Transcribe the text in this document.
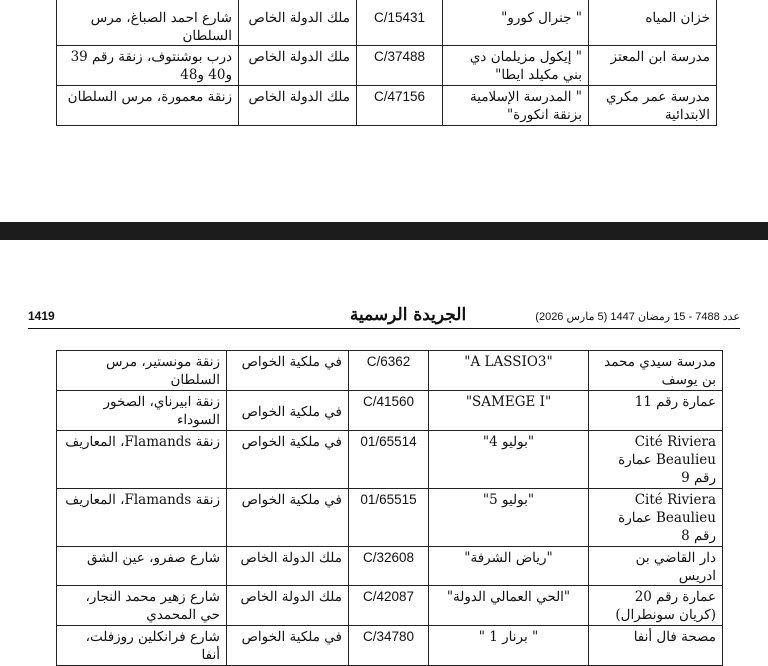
خزان المياه	" جنرال كورو"	C/15431	ملك الدولة الخاص	شارع احمد الصباغ، مرس السلطان
مدرسة ابن المعتز	" إيكول مزيلمان دي بني مكيلد ايطا"	C/37488	ملك الدولة الخاص	درب بوشنتوف، زنقة رقم 39 و40 و48
مدرسة عمر مكري الابتدائية	" المدرسة الإسلامية بزنقة انكورة"	C/47156	ملك الدولة الخاص	زنقة معمورة، مرس السلطان
1419	الجريدة الرسمية	عدد 7488 - 15 رمضان 1447 (5 مارس 2026)
مدرسة سيدي محمد بن يوسف	"A LASSIO3"	C/6362	في ملكية الخواص	زنقة مونستير، مرس السلطان
عمارة رقم 11	"SAMEGE I"	C/41560	في ملكية الخواص	زنقة ابيرناي، الصخور السوداء
Cité Riviera Beaulieu عمارة رقم 9	"بوليو 4"	01/65514	في ملكية الخواص	زنقة Flamands، المعاريف
Cité Riviera Beaulieu عمارة رقم 8	"بوليو 5"	01/65515	في ملكية الخواص	زنقة Flamands، المعاريف
دار القاضي بن ادريس	"رياض الشرفة"	C/32608	ملك الدولة الخاص	شارع صفرو، عين الشق
عمارة رقم 20 (كريان سونطرال)	"الحي العمالي الدولة"	C/42087	ملك الدولة الخاص	شارع زهير محمد النجار، حي المحمدي
مصحة فال أنفا	" برنار 1 "	C/34780	في ملكية الخواص	شارع فرانكلين روزفلت، أنفا
